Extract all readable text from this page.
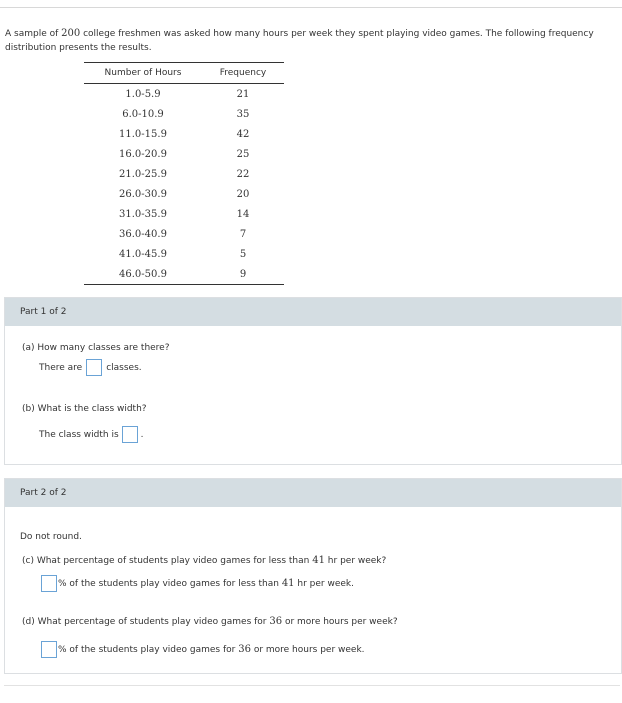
A sample of 200 college freshmen was asked how many hours per week they spent playing video games. The following frequency distribution presents the results.
Number of Hours	Frequency
1.0-5.9	21
6.0-10.9	35
11.0-15.9	42
16.0-20.9	25
21.0-25.9	22
26.0-30.9	20
31.0-35.9	14
36.0-40.9	7
41.0-45.9	5
46.0-50.9	9
Part 1 of 2
(a) How many classes are there?
There are	classes.
(b) What is the class width?
The class width is .
Part 2 of 2
Do not round.
(c) What percentage of students play video games for less than 41 hr per week?
% of the students play video games for less than 41 hr per week.
(d) What percentage of students play video games for 36 or more hours per week?
% of the students play video games for 36 or more hours per week.
